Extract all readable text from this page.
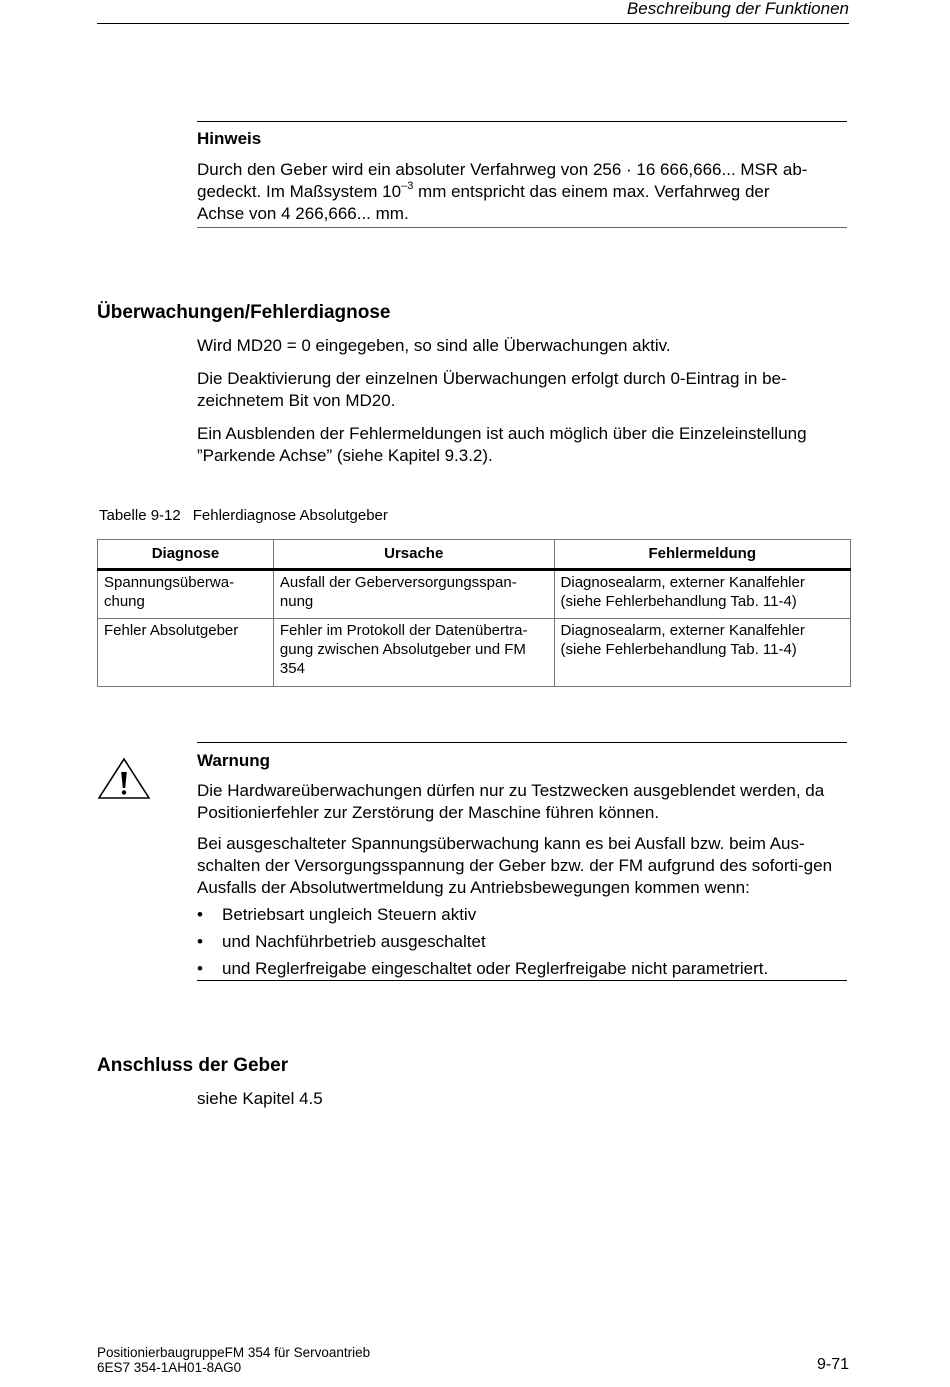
Beschreibung der Funktionen
Hinweis
Durch den Geber wird ein absoluter Verfahrweg von 256 · 16 666,666... MSR ab-
gedeckt. Im Maßsystem $10^{-3}$ mm entspricht das einem max. Verfahrweg der
Achse von 4 266,666... mm.
Überwachungen/Fehlerdiagnose

Wird MD20 = 0 eingegeben, so sind alle Überwachungen aktiv.

Die Deaktivierung der einzelnen Überwachungen erfolgt durch 0-Eintrag in be-zeichnetem Bit von MD20.

Ein Ausblenden der Fehlermeldungen ist auch möglich über die Einzeleinstellung ”Parkende Achse” (siehe Kapitel 9.3.2).

Tabelle 9-12 Fehlerdiagnose Absolutgeber
Diagnose	Ursache	Fehlermeldung
Spannungsüberwa-chung	Ausfall der Geberversorgungsspan-nung	Diagnosealarm, externer Kanalfehler (siehe Fehlerbehandlung Tab. 11-4)
Fehler Absolutgeber	Fehler im Protokoll der Datenübertra-gung zwischen Absolutgeber und FM 354	Diagnosealarm, externer Kanalfehler (siehe Fehlerbehandlung Tab. 11-4)
Warnung

Die Hardwareüberwachungen dürfen nur zu Testzwecken ausgeblendet werden, da Positionierfehler zur Zerstörung der Maschine führen können.

Bei ausgeschalteter Spannungsüberwachung kann es bei Ausfall bzw. beim Aus-schalten der Versorgungsspannung der Geber bzw. der FM aufgrund des soforti-gen Ausfalls der Absolutwertmeldung zu Antriebsbewegungen kommen wenn:

• Betriebsart ungleich Steuern aktiv
• und Nachführbetrieb ausgeschaltet
• und Reglerfreigabe eingeschaltet oder Reglerfreigabe nicht parametriert.
Anschluss der Geber
siehe Kapitel 4.5
PositionierbaugruppeFM 354 für Servoantrieb
6ES7 354-1AH01-8AG0	9-71
